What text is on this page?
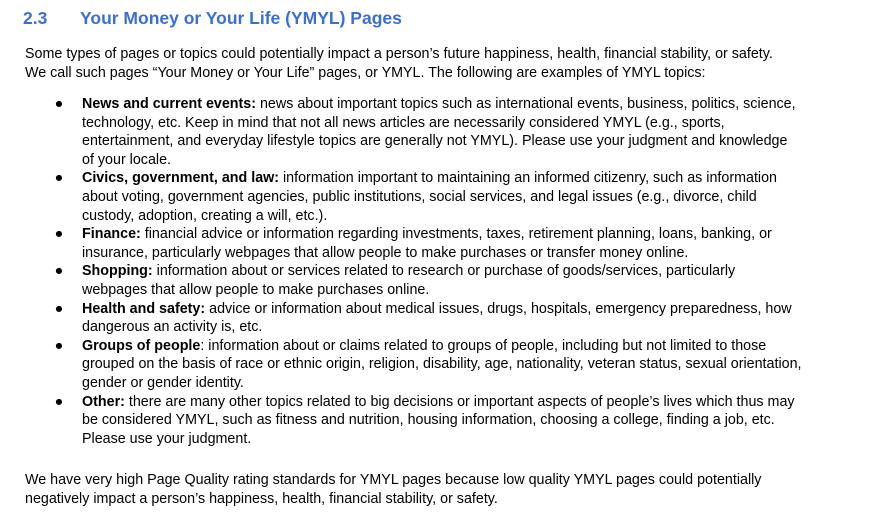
2.3 Your Money or Your Life (YMYL) Pages
Some types of pages or topics could potentially impact a person’s future happiness, health, financial stability, or safety.
We call such pages “Your Money or Your Life” pages, or YMYL. The following are examples of YMYL topics:
● News and current events: news about important topics such as international events, business, politics, science,
technology, etc. Keep in mind that not all news articles are necessarily considered YMYL (e.g., sports,
entertainment, and everyday lifestyle topics are generally not YMYL). Please use your judgment and knowledge
of your locale.
● Civics, government, and law: information important to maintaining an informed citizenry, such as information
about voting, government agencies, public institutions, social services, and legal issues (e.g., divorce, child
custody, adoption, creating a will, etc.).
● Finance: financial advice or information regarding investments, taxes, retirement planning, loans, banking, or
insurance, particularly webpages that allow people to make purchases or transfer money online.
● Shopping: information about or services related to research or purchase of goods/services, particularly
webpages that allow people to make purchases online.
● Health and safety: advice or information about medical issues, drugs, hospitals, emergency preparedness, how
dangerous an activity is, etc.
● Groups of people: information about or claims related to groups of people, including but not limited to those
grouped on the basis of race or ethnic origin, religion, disability, age, nationality, veteran status, sexual orientation,
gender or gender identity.
● Other: there are many other topics related to big decisions or important aspects of people’s lives which thus may
be considered YMYL, such as fitness and nutrition, housing information, choosing a college, finding a job, etc.
Please use your judgment.
We have very high Page Quality rating standards for YMYL pages because low quality YMYL pages could potentially
negatively impact a person’s happiness, health, financial stability, or safety.
